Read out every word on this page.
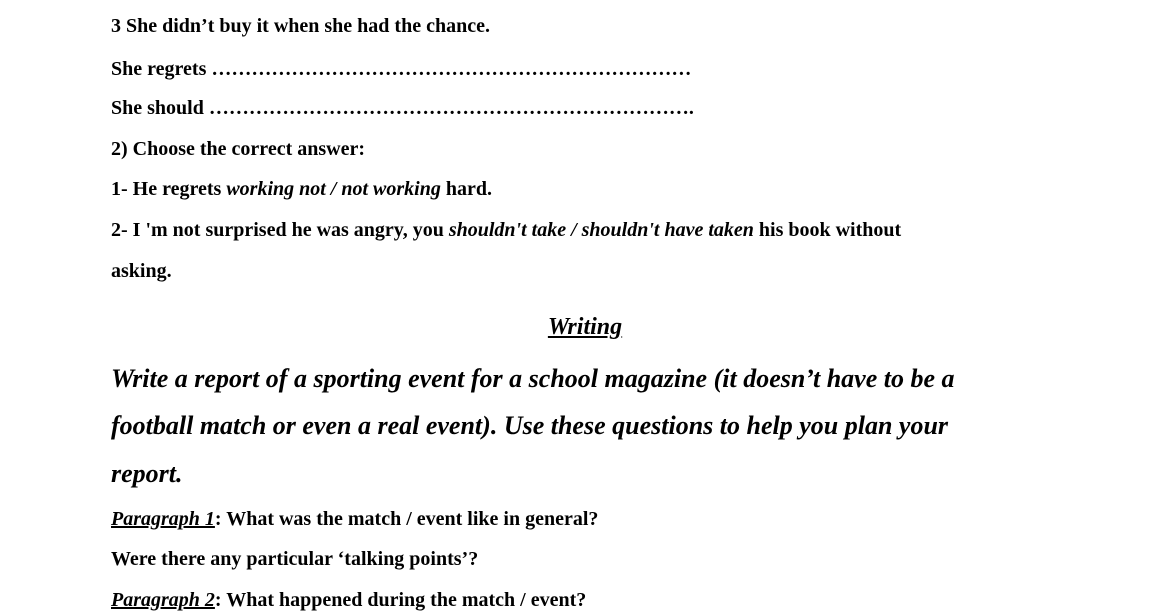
3 She didn’t buy it when she had the chance.
She regrets ………………………………………………………………
She should ……………………………………………………………….
2) Choose the correct answer:
1- He regrets working not / not working hard.
2- I 'm not surprised he was angry, you shouldn't take / shouldn't have taken his book without
asking.
Writing
Write a report of a sporting event for a school magazine (it doesn’t have to be a
football match or even a real event). Use these questions to help you plan your
report.
Paragraph 1: What was the match / event like in general?
Were there any particular ‘talking points’?
Paragraph 2: What happened during the match / event?
